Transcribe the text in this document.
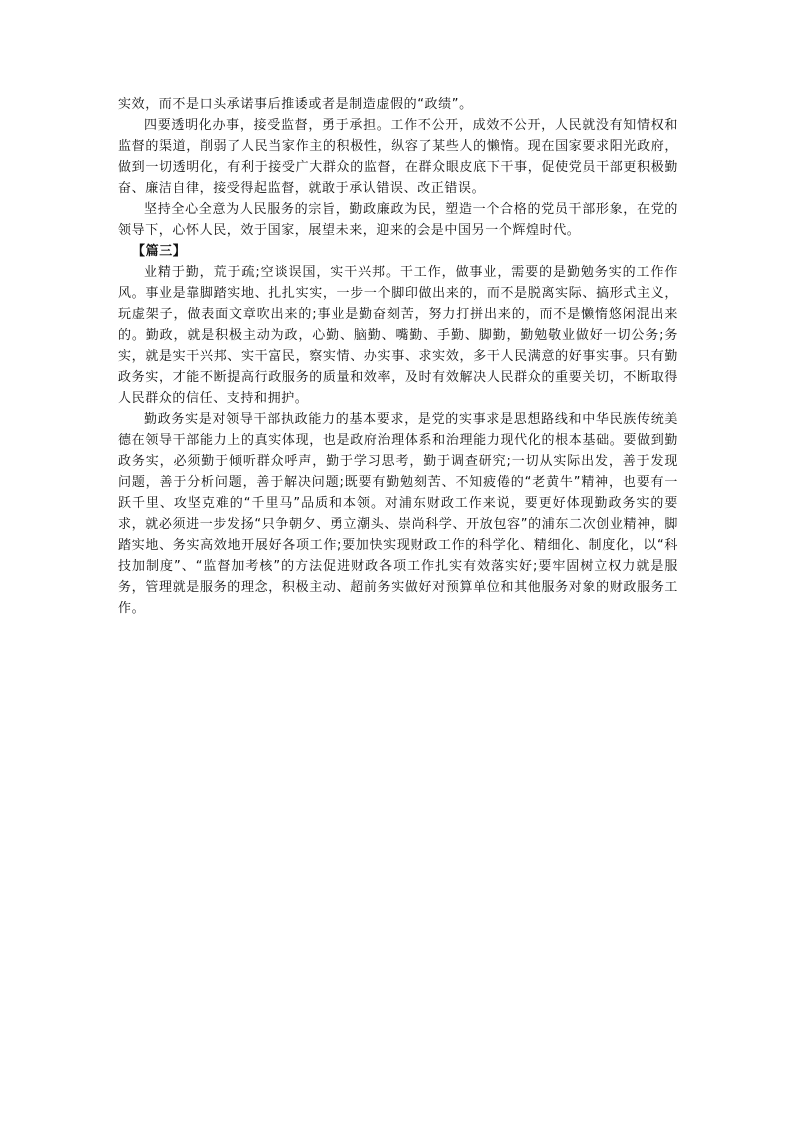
实效，而不是口头承诺事后推诿或者是制造虚假的“政绩”。

四要透明化办事，接受监督，勇于承担。工作不公开，成效不公开，人民就没有知情权和监督的渠道，削弱了人民当家作主的积极性，纵容了某些人的懒惰。现在国家要求阳光政府，做到一切透明化，有利于接受广大群众的监督，在群众眼皮底下干事，促使党员干部更积极勤奋、廉洁自律，接受得起监督，就敢于承认错误、改正错误。

坚持全心全意为人民服务的宗旨，勤政廉政为民，塑造一个合格的党员干部形象，在党的领导下，心怀人民，效于国家，展望未来，迎来的会是中国另一个辉煌时代。

【篇三】

业精于勤，荒于疏;空谈误国，实干兴邦。干工作，做事业，需要的是勤勉务实的工作作风。事业是靠脚踏实地、扎扎实实，一步一个脚印做出来的，而不是脱离实际、搞形式主义，玩虚架子，做表面文章吹出来的;事业是勤奋刻苦，努力打拼出来的，而不是懒惰悠闲混出来的。勤政，就是积极主动为政，心勤、脑勤、嘴勤、手勤、脚勤，勤勉敬业做好一切公务;务实，就是实干兴邦、实干富民，察实情、办实事、求实效，多干人民满意的好事实事。只有勤政务实，才能不断提高行政服务的质量和效率，及时有效解决人民群众的重要关切，不断取得人民群众的信任、支持和拥护。

勤政务实是对领导干部执政能力的基本要求，是党的实事求是思想路线和中华民族传统美德在领导干部能力上的真实体现，也是政府治理体系和治理能力现代化的根本基础。要做到勤政务实，必须勤于倾听群众呼声，勤于学习思考，勤于调查研究;一切从实际出发，善于发现问题，善于分析问题，善于解决问题;既要有勤勉刻苦、不知疲倦的“老黄牛”精神，也要有一跃千里、攻坚克难的“千里马”品质和本领。对浦东财政工作来说，要更好体现勤政务实的要求，就必须进一步发扬“只争朝夕、勇立潮头、崇尚科学、开放包容”的浦东二次创业精神，脚踏实地、务实高效地开展好各项工作;要加快实现财政工作的科学化、精细化、制度化，以“科技加制度”、“监督加考核”的方法促进财政各项工作扎实有效落实好;要牢固树立权力就是服务，管理就是服务的理念，积极主动、超前务实做好对预算单位和其他服务对象的财政服务工作。
